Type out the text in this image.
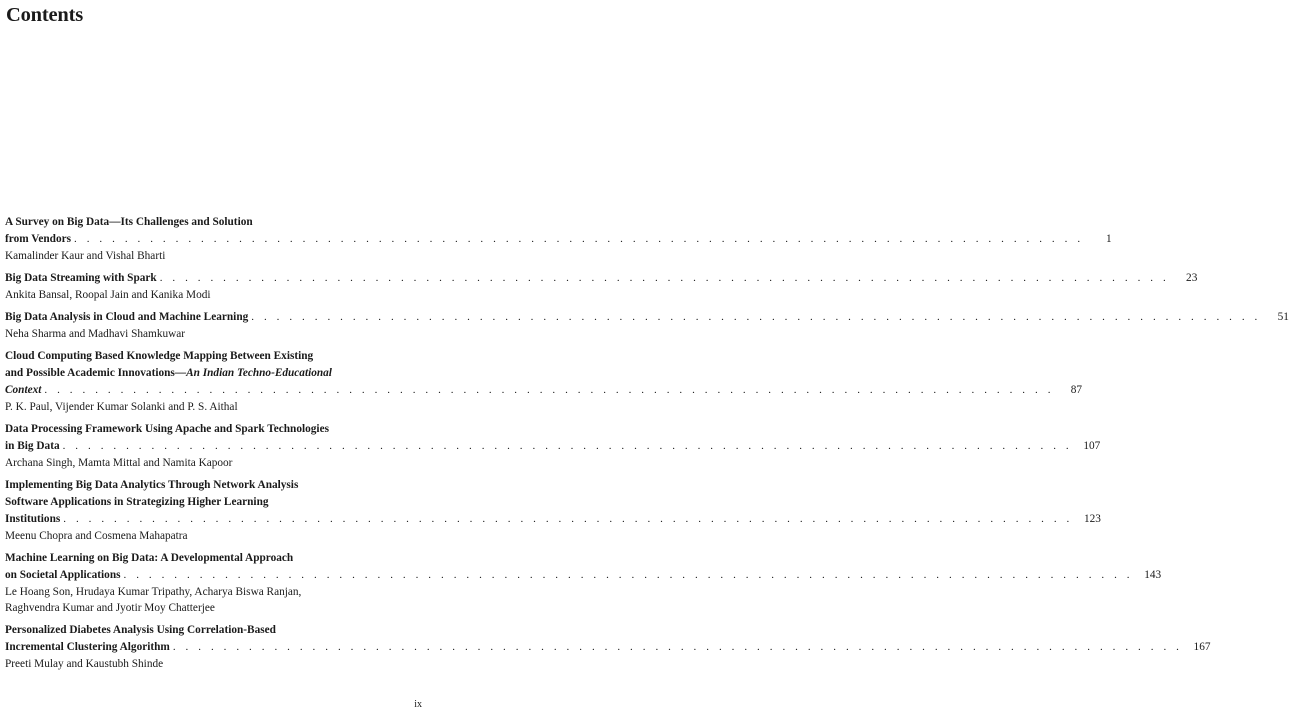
Contents
A Survey on Big Data—Its Challenges and Solution
from Vendors . . . . . . . . . . . . . . . . . . . . . . . . . . . . . . . . . . . . . . . . . . . . . . . . . . . . . . . . . . . . . . . . . . . . . . . . . . . . . . . .	1
Kamalinder Kaur and Vishal Bharti
Big Data Streaming with Spark . . . . . . . . . . . . . . . . . . . . . . . . . . . . . . . . . . . . . . . . . . . . . . . . . . . . . . . . . . . . . . . . . . . . . . . . . . . . . . . .	23
Ankita Bansal, Roopal Jain and Kanika Modi
Big Data Analysis in Cloud and Machine Learning . . . . . . . . . . . . . . . . . . . . . . . . . . . . . . . . . . . . . . . . . . . . . . . . . . . . . . . . . . . . . . . . . . . . . . . . . . . . . . . .	51
Neha Sharma and Madhavi Shamkuwar
Cloud Computing Based Knowledge Mapping Between Existing
and Possible Academic Innovations—An Indian Techno-Educational
Context . . . . . . . . . . . . . . . . . . . . . . . . . . . . . . . . . . . . . . . . . . . . . . . . . . . . . . . . . . . . . . . . . . . . . . . . . . . . . . . .	87
P. K. Paul, Vijender Kumar Solanki and P. S. Aithal
Data Processing Framework Using Apache and Spark Technologies
in Big Data . . . . . . . . . . . . . . . . . . . . . . . . . . . . . . . . . . . . . . . . . . . . . . . . . . . . . . . . . . . . . . . . . . . . . . . . . . . . . . . . 107
Archana Singh, Mamta Mittal and Namita Kapoor
Implementing Big Data Analytics Through Network Analysis
Software Applications in Strategizing Higher Learning
Institutions . . . . . . . . . . . . . . . . . . . . . . . . . . . . . . . . . . . . . . . . . . . . . . . . . . . . . . . . . . . . . . . . . . . . . . . . . . . . . . . . 123
Meenu Chopra and Cosmena Mahapatra
Machine Learning on Big Data: A Developmental Approach
on Societal Applications . . . . . . . . . . . . . . . . . . . . . . . . . . . . . . . . . . . . . . . . . . . . . . . . . . . . . . . . . . . . . . . . . . . . . . . . . . . . . . . . 143
Le Hoang Son, Hrudaya Kumar Tripathy, Acharya Biswa Ranjan,
Raghvendra Kumar and Jyotir Moy Chatterjee
Personalized Diabetes Analysis Using Correlation-Based
Incremental Clustering Algorithm . . . . . . . . . . . . . . . . . . . . . . . . . . . . . . . . . . . . . . . . . . . . . . . . . . . . . . . . . . . . . . . . . . . . . . . . . . . . . . . . 167
Preeti Mulay and Kaustubh Shinde
ix
